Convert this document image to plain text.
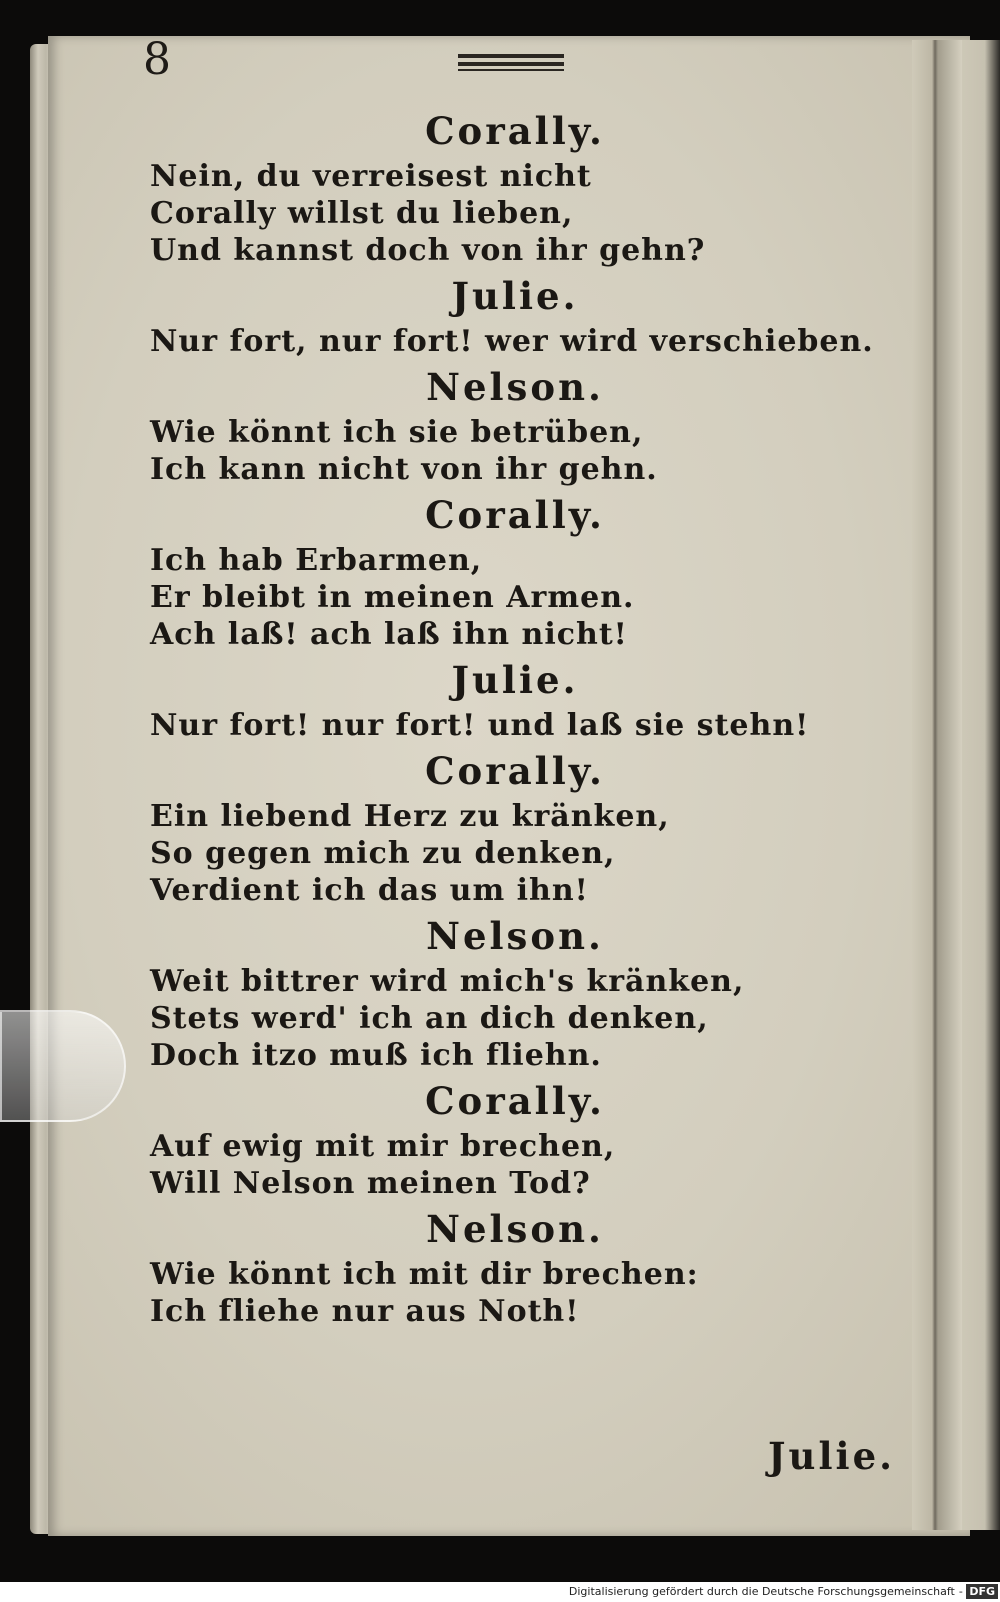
8
Corally.
Nein, du verreisest nicht
Corally willst du lieben,
Und kannst doch von ihr gehn?
Julie.
Nur fort, nur fort! wer wird verschieben.
Nelson.
Wie könnt ich sie betrüben,
Ich kann nicht von ihr gehn.
Corally.
Ich hab Erbarmen,
Er bleibt in meinen Armen.
Ach laß! ach laß ihn nicht!
Julie.
Nur fort! nur fort! und laß sie stehn!
Corally.
Ein liebend Herz zu kränken,
So gegen mich zu denken,
Verdient ich das um ihn!
Nelson.
Weit bittrer wird mich's kränken,
Stets werd' ich an dich denken,
Doch itzo muß ich fliehn.
Corally.
Auf ewig mit mir brechen,
Will Nelson meinen Tod?
Nelson.
Wie könnt ich mit dir brechen:
Ich fliehe nur aus Noth!
Julie.
Digitalisierung gefördert durch die Deutsche Forschungsgemeinschaft - DFG
